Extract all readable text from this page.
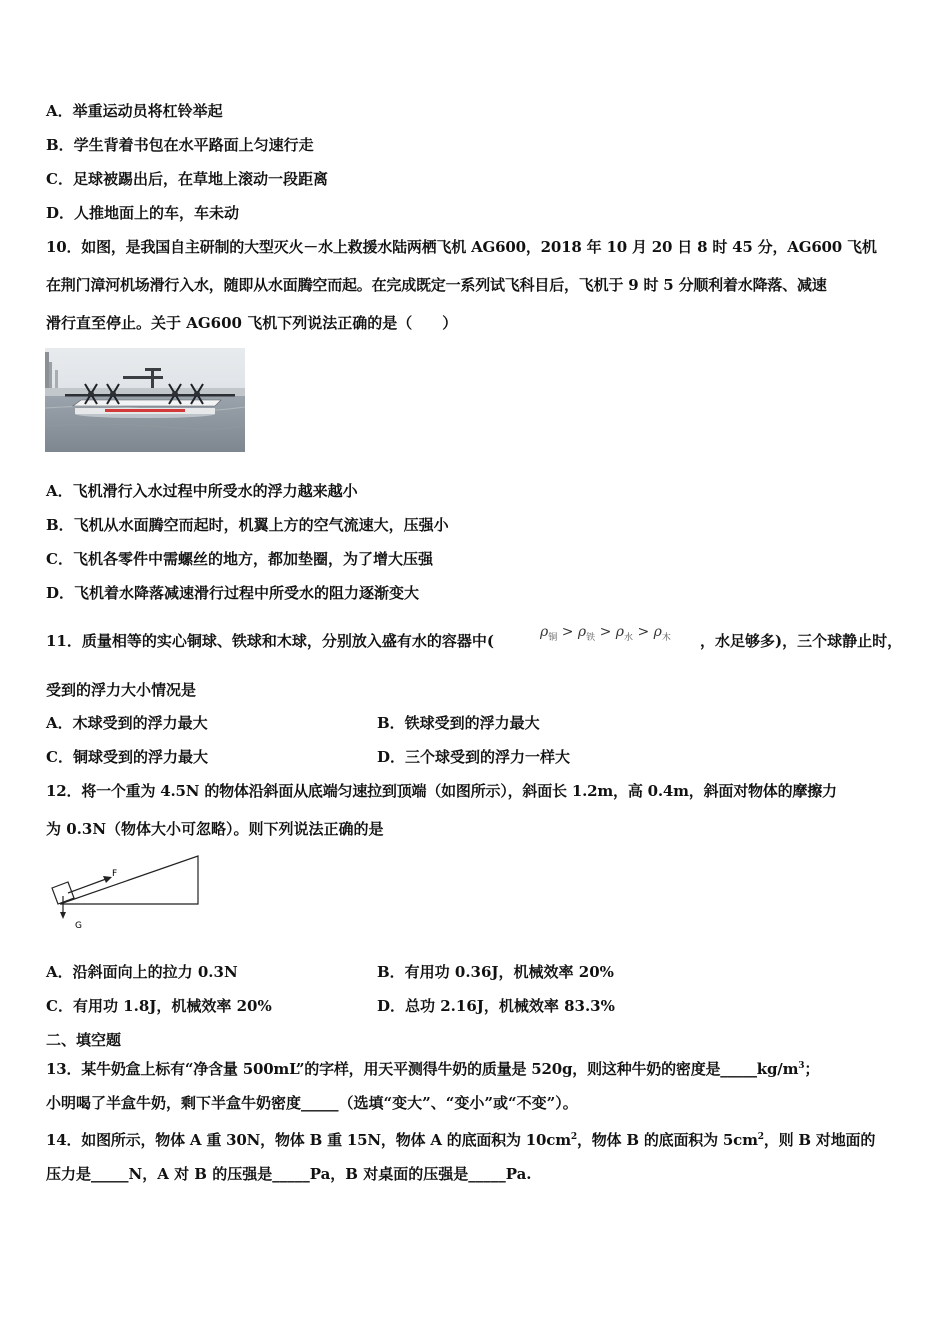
A．举重运动员将杠铃举起
B．学生背着书包在水平路面上匀速行走
C．足球被踢出后，在草地上滚动一段距离
D．人推地面上的车，车未动
10．如图，是我国自主研制的大型灭火－水上救援水陆两栖飞机 AG600，2018 年 10 月 20 日 8 时 45 分，AG600 飞机
在荆门漳河机场滑行入水，随即从水面腾空而起。在完成既定一系列试飞科目后，飞机于 9 时 5 分顺利着水降落、减速
滑行直至停止。关于 AG600 飞机下列说法正确的是（　　）
A．飞机滑行入水过程中所受水的浮力越来越小
B．飞机从水面腾空而起时，机翼上方的空气流速大，压强小
C．飞机各零件中需螺丝的地方，都加垫圈，为了增大压强
D．飞机着水降落减速滑行过程中所受水的阻力逐渐变大
11．质量相等的实心铜球、铁球和木球，分别放入盛有水的容器中(	$\rho_铜 > \rho_铁 > \rho_水 > \rho_木$ ，水足够多)，三个球静止时，
受到的浮力大小情况是
A．木球受到的浮力最大	B．铁球受到的浮力最大
C．铜球受到的浮力最大	D．三个球受到的浮力一样大
12．将一个重为 4.5N 的物体沿斜面从底端匀速拉到顶端（如图所示），斜面长 1.2m，高 0.4m，斜面对物体的摩擦力
为 0.3N（物体大小可忽略）。则下列说法正确的是
F
G
A．沿斜面向上的拉力 0.3N	B．有用功 0.36J，机械效率 20%
C．有用功 1.8J，机械效率 20%	D．总功 2.16J，机械效率 83.3%
二、填空题
13．某牛奶盒上标有“净含量 500mL”的字样，用天平测得牛奶的质量是 520g，则这种牛奶的密度是$\_\_\_\_\_kg/m^3$；
小明喝了半盒牛奶，剩下半盒牛奶密度_____（选填“变大”、“变小”或“不变”）。
14．如图所示，物体 A 重 30N，物体 B 重 15N，物体 A 的底面积为 $10cm^2$，物体 B 的底面积为 $5cm^2$，则 B 对地面的
压力是_____N，A 对 B 的压强是_____Pa，B 对桌面的压强是_____Pa.
